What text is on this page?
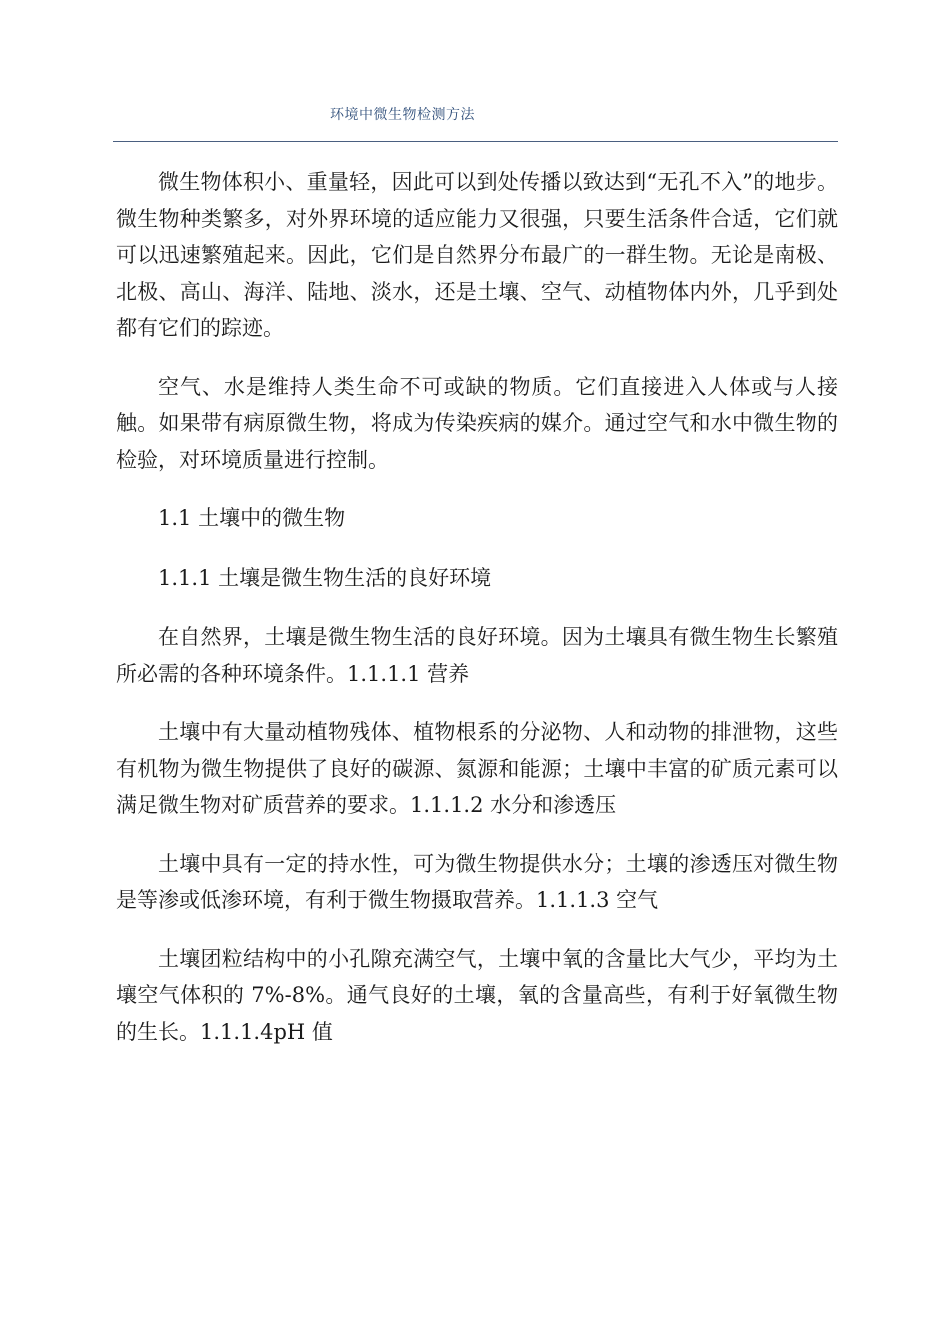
环境中微生物检测方法

微生物体积小、重量轻，因此可以到处传播以致达到“无孔不入”的地步。微生物种类繁多，对外界环境的适应能力又很强，只要生活条件合适，它们就可以迅速繁殖起来。因此，它们是自然界分布最广的一群生物。无论是南极、北极、高山、海洋、陆地、淡水，还是土壤、空气、动植物体内外，几乎到处都有它们的踪迹。

空气、水是维持人类生命不可或缺的物质。它们直接进入人体或与人接触。如果带有病原微生物，将成为传染疾病的媒介。通过空气和水中微生物的检验，对环境质量进行控制。

1.1 土壤中的微生物

1.1.1 土壤是微生物生活的良好环境

在自然界，土壤是微生物生活的良好环境。因为土壤具有微生物生长繁殖所必需的各种环境条件。1.1.1.1 营养

土壤中有大量动植物残体、植物根系的分泌物、人和动物的排泄物，这些有机物为微生物提供了良好的碳源、氮源和能源；土壤中丰富的矿质元素可以满足微生物对矿质营养的要求。1.1.1.2 水分和渗透压

土壤中具有一定的持水性，可为微生物提供水分；土壤的渗透压对微生物是等渗或低渗环境，有利于微生物摄取营养。1.1.1.3 空气

土壤团粒结构中的小孔隙充满空气，土壤中氧的含量比大气少，平均为土壤空气体积的 7%-8%。通气良好的土壤，氧的含量高些，有利于好氧微生物的生长。1.1.1.4pH 值
